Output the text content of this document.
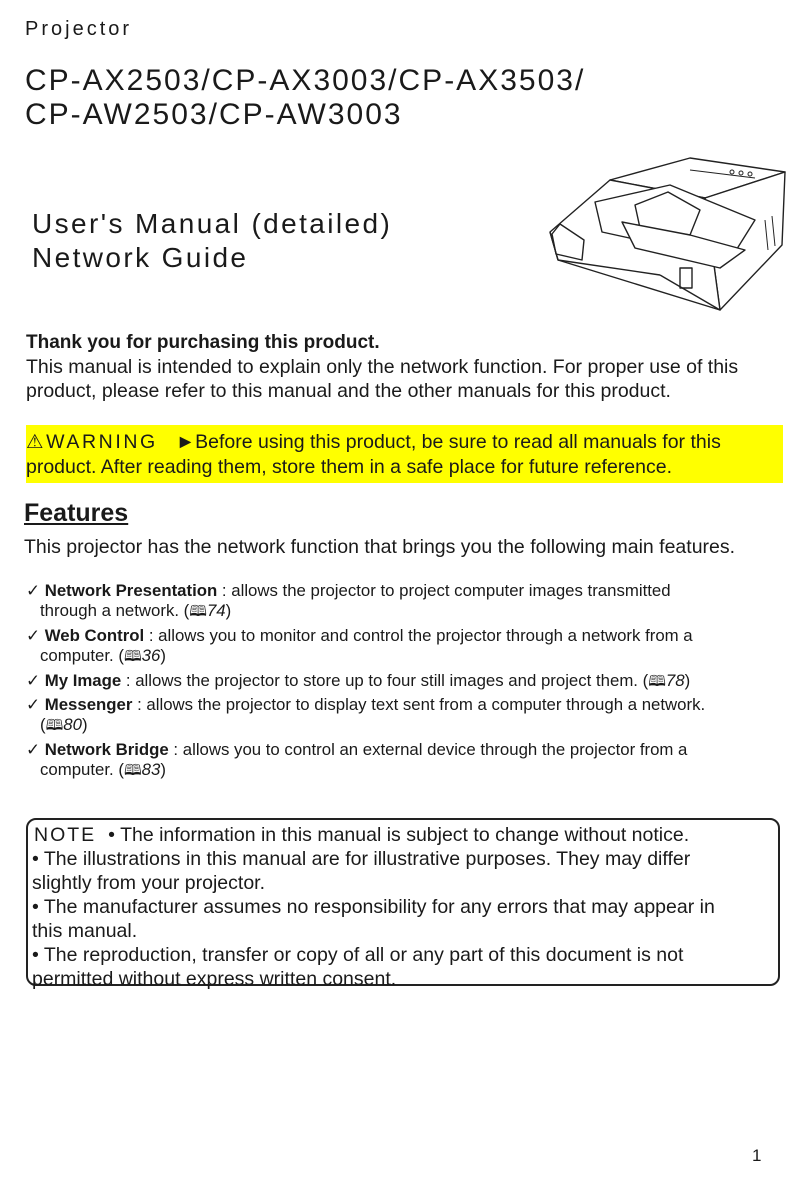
Projector
CP-AX2503/CP-AX3003/CP-AX3503/
CP-AW2503/CP-AW3003
User's Manual (detailed)
Network Guide
Thank you for purchasing this product.
This manual is intended to explain only the network function. For proper use of this
product, please refer to this manual and the other manuals for this product.
⚠WARNING ►Before using this product, be sure to read all manuals for this
product. After reading them, store them in a safe place for future reference.
Features
This projector has the network function that brings you the following main features.
✓ Network Presentation : allows the projector to project computer images transmitted
through a network. (🕮74)
✓ Web Control : allows you to monitor and control the projector through a network from a
computer. (🕮36)
✓ My Image : allows the projector to store up to four still images and project them. (🕮78)
✓ Messenger : allows the projector to display text sent from a computer through a network.
(🕮80)
✓ Network Bridge : allows you to control an external device through the projector from a
computer. (🕮83)
NOTE • The information in this manual is subject to change without notice.
• The illustrations in this manual are for illustrative purposes. They may differ
slightly from your projector.
• The manufacturer assumes no responsibility for any errors that may appear in
this manual.
• The reproduction, transfer or copy of all or any part of this document is not
permitted without express written consent.
1
